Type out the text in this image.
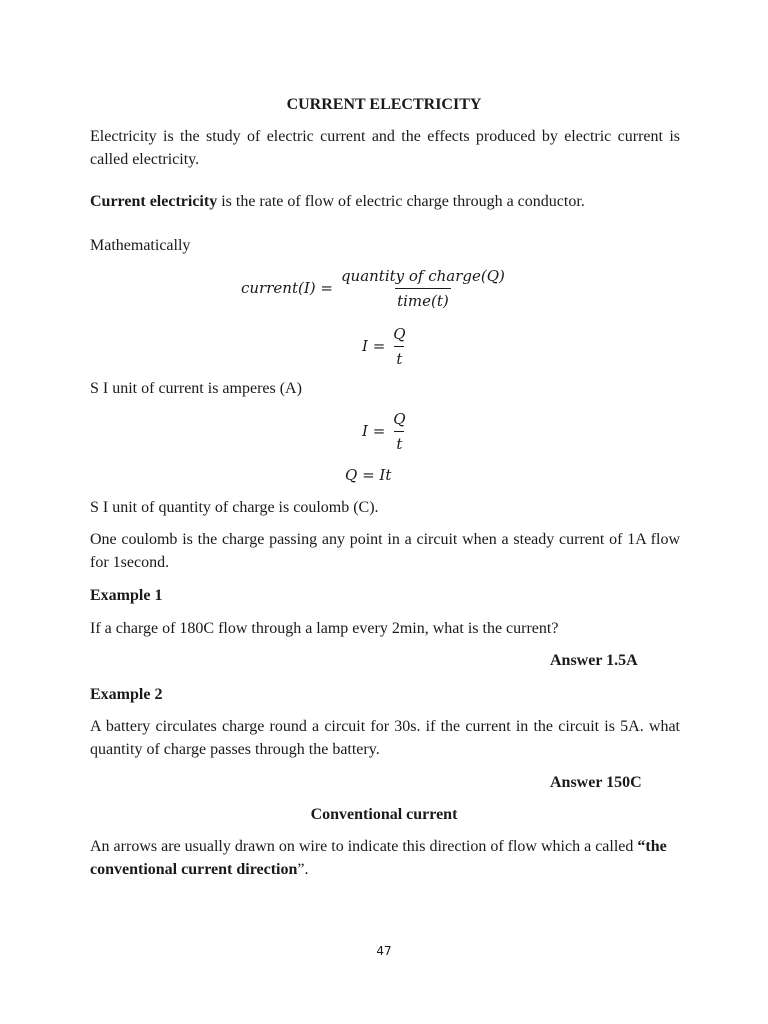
CURRENT ELECTRICITY

Electricity is the study of electric current and the effects produced by electric current is called electricity.

Current electricity is the rate of flow of electric charge through a conductor.

Mathematically

current(I) = $\frac{\text{quantity of charge(Q)}}{\text{time(t)}}$
$I = \frac{Q}{t}$

S I unit of current is amperes (A)

$I = \frac{Q}{t}$
Q = It

S I unit of quantity of charge is coulomb (C).

One coulomb is the charge passing any point in a circuit when a steady current of 1A flow for 1second.

Example 1

If a charge of 180C flow through a lamp every 2min, what is the current?

Answer 1.5A

Example 2

A battery circulates charge round a circuit for 30s. if the current in the circuit is 5A. what quantity of charge passes through the battery.

Answer 150C
Conventional current

An arrows are usually drawn on wire to indicate this direction of flow which a called “the conventional current direction”.

47
